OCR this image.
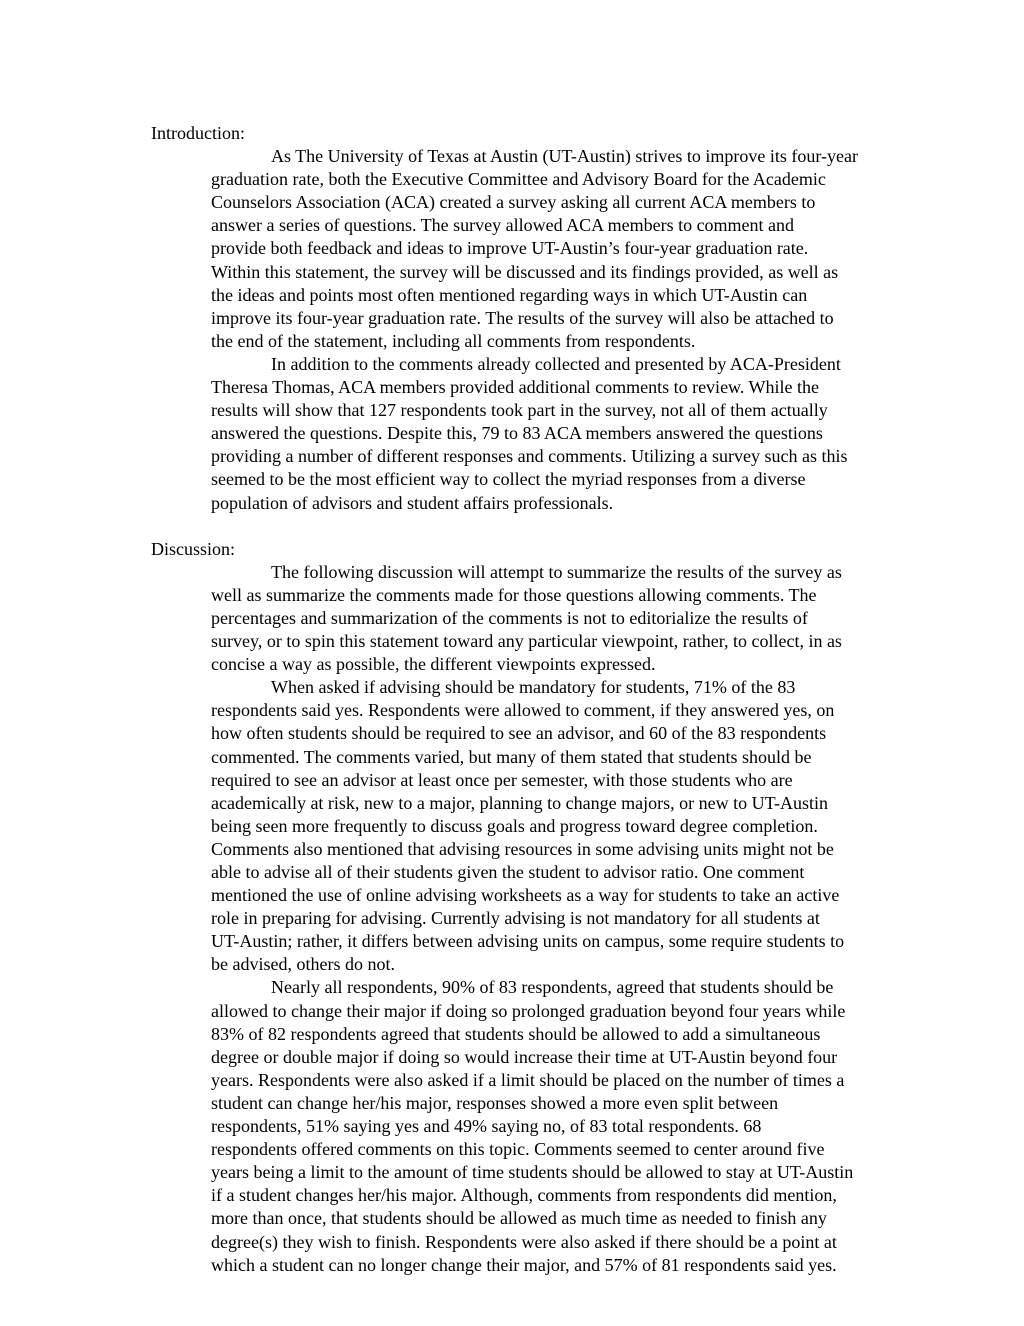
Introduction:
As The University of Texas at Austin (UT-Austin) strives to improve its four-year
graduation rate, both the Executive Committee and Advisory Board for the Academic
Counselors Association (ACA) created a survey asking all current ACA members to
answer a series of questions. The survey allowed ACA members to comment and
provide both feedback and ideas to improve UT-Austin’s four-year graduation rate.
Within this statement, the survey will be discussed and its findings provided, as well as
the ideas and points most often mentioned regarding ways in which UT-Austin can
improve its four-year graduation rate. The results of the survey will also be attached to
the end of the statement, including all comments from respondents.
In addition to the comments already collected and presented by ACA-President
Theresa Thomas, ACA members provided additional comments to review. While the
results will show that 127 respondents took part in the survey, not all of them actually
answered the questions. Despite this, 79 to 83 ACA members answered the questions
providing a number of different responses and comments. Utilizing a survey such as this
seemed to be the most efficient way to collect the myriad responses from a diverse
population of advisors and student affairs professionals.
Discussion:
The following discussion will attempt to summarize the results of the survey as
well as summarize the comments made for those questions allowing comments. The
percentages and summarization of the comments is not to editorialize the results of
survey, or to spin this statement toward any particular viewpoint, rather, to collect, in as
concise a way as possible, the different viewpoints expressed.
When asked if advising should be mandatory for students, 71% of the 83
respondents said yes. Respondents were allowed to comment, if they answered yes, on
how often students should be required to see an advisor, and 60 of the 83 respondents
commented. The comments varied, but many of them stated that students should be
required to see an advisor at least once per semester, with those students who are
academically at risk, new to a major, planning to change majors, or new to UT-Austin
being seen more frequently to discuss goals and progress toward degree completion.
Comments also mentioned that advising resources in some advising units might not be
able to advise all of their students given the student to advisor ratio. One comment
mentioned the use of online advising worksheets as a way for students to take an active
role in preparing for advising. Currently advising is not mandatory for all students at
UT-Austin; rather, it differs between advising units on campus, some require students to
be advised, others do not.
Nearly all respondents, 90% of 83 respondents, agreed that students should be
allowed to change their major if doing so prolonged graduation beyond four years while
83% of 82 respondents agreed that students should be allowed to add a simultaneous
degree or double major if doing so would increase their time at UT-Austin beyond four
years. Respondents were also asked if a limit should be placed on the number of times a
student can change her/his major, responses showed a more even split between
respondents, 51% saying yes and 49% saying no, of 83 total respondents. 68
respondents offered comments on this topic. Comments seemed to center around five
years being a limit to the amount of time students should be allowed to stay at UT-Austin
if a student changes her/his major. Although, comments from respondents did mention,
more than once, that students should be allowed as much time as needed to finish any
degree(s) they wish to finish. Respondents were also asked if there should be a point at
which a student can no longer change their major, and 57% of 81 respondents said yes.
